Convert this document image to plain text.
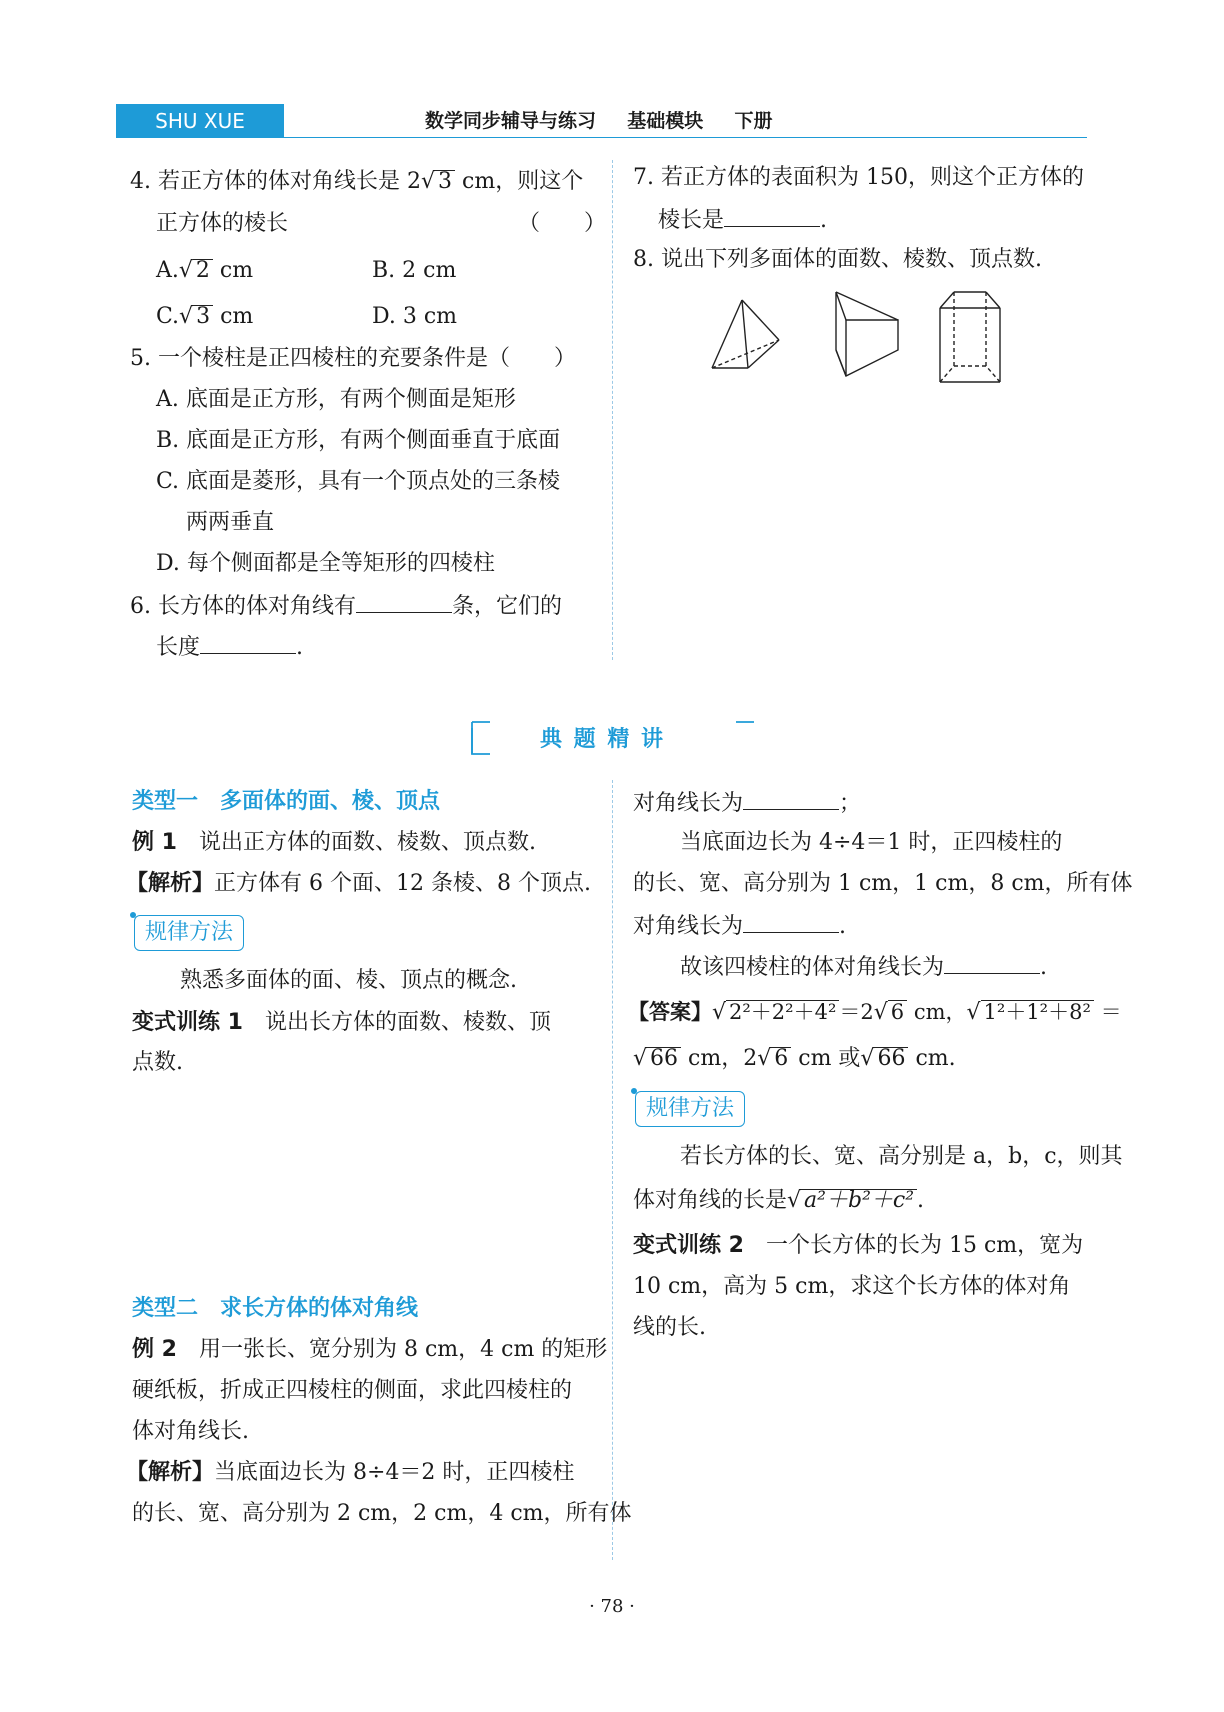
SHU XUE	数学同步辅导与练习 基础模块 下册
4. 若正方体的体对角线长是 2√ 3 cm，则这个
正方体的棱长	（　　）
A.√ 2 cm	B. 2 cm
C.√ 3 cm	D. 3 cm
5. 一个棱柱是正四棱柱的充要条件是（　　）
A. 底面是正方形，有两个侧面是矩形
B. 底面是正方形，有两个侧面垂直于底面
C. 底面是菱形，具有一个顶点处的三条棱
两两垂直
D. 每个侧面都是全等矩形的四棱柱
6. 长方体的体对角线有	条，它们的
长度	.
7. 若正方体的表面积为 150，则这个正方体的
棱长是	.
8. 说出下列多面体的面数、棱数、顶点数.
典 题 精 讲
类型一　多面体的面、棱、顶点
例 1　说出正方体的面数、棱数、顶点数.
【解析】正方体有 6 个面、12 条棱、8 个顶点.
规律方法
熟悉多面体的面、棱、顶点的概念.
变式训练 1　说出长方体的面数、棱数、顶
点数.
类型二　求长方体的体对角线
例 2　用一张长、宽分别为 8 cm，4 cm 的矩形
硬纸板，折成正四棱柱的侧面，求此四棱柱的
体对角线长.
【解析】当底面边长为 8÷4＝2 时，正四棱柱
的长、宽、高分别为 2 cm，2 cm，4 cm，所有体
对角线长为	；
当底面边长为 4÷4＝1 时，正四棱柱的
的长、宽、高分别为 1 cm，1 cm，8 cm，所有体
对角线长为	.
故该四棱柱的体对角线长为	.
【答案】√ 2²＋2²＋4² ＝2√ 6 cm，√ 1²＋1²＋8² ＝
√ 66 cm，2√ 6 cm 或√ 66 cm.
规律方法
若长方体的长、宽、高分别是 a，b，c，则其
体对角线的长是√ a²＋b²＋c² .
变式训练 2　一个长方体的长为 15 cm，宽为
10 cm，高为 5 cm，求这个长方体的体对角
线的长.
· 78 ·
